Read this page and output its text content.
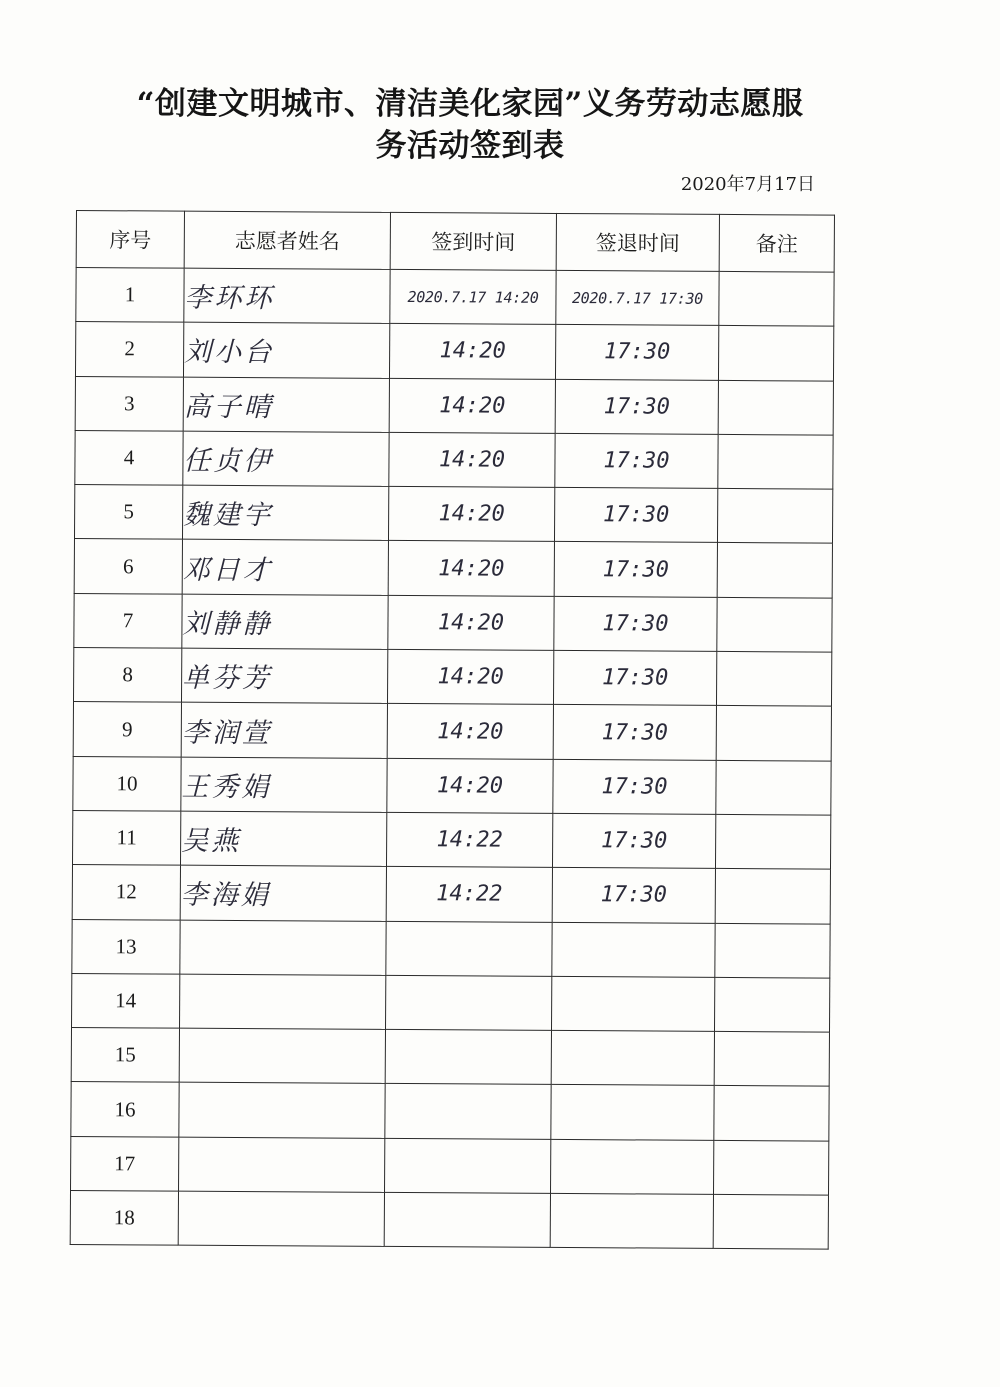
“创建文明城市、清洁美化家园”义务劳动志愿服
务活动签到表
2020年7月17日
序号	志愿者姓名	签到时间	签退时间	备注
1	李环环	2020.7.17 14:20	2020.7.17 17:30	
2	刘小台	14:20	17:30	
3	高子晴	14:20	17:30	
4	任贞伊	14:20	17:30	
5	魏建宇	14:20	17:30	
6	邓日才	14:20	17:30	
7	刘静静	14:20	17:30	
8	单芬芳	14:20	17:30	
9	李润萱	14:20	17:30	
10	王秀娟	14:20	17:30	
11	吴燕	14:22	17:30	
12	李海娟	14:22	17:30	
13				
14				
15				
16				
17				
18				
